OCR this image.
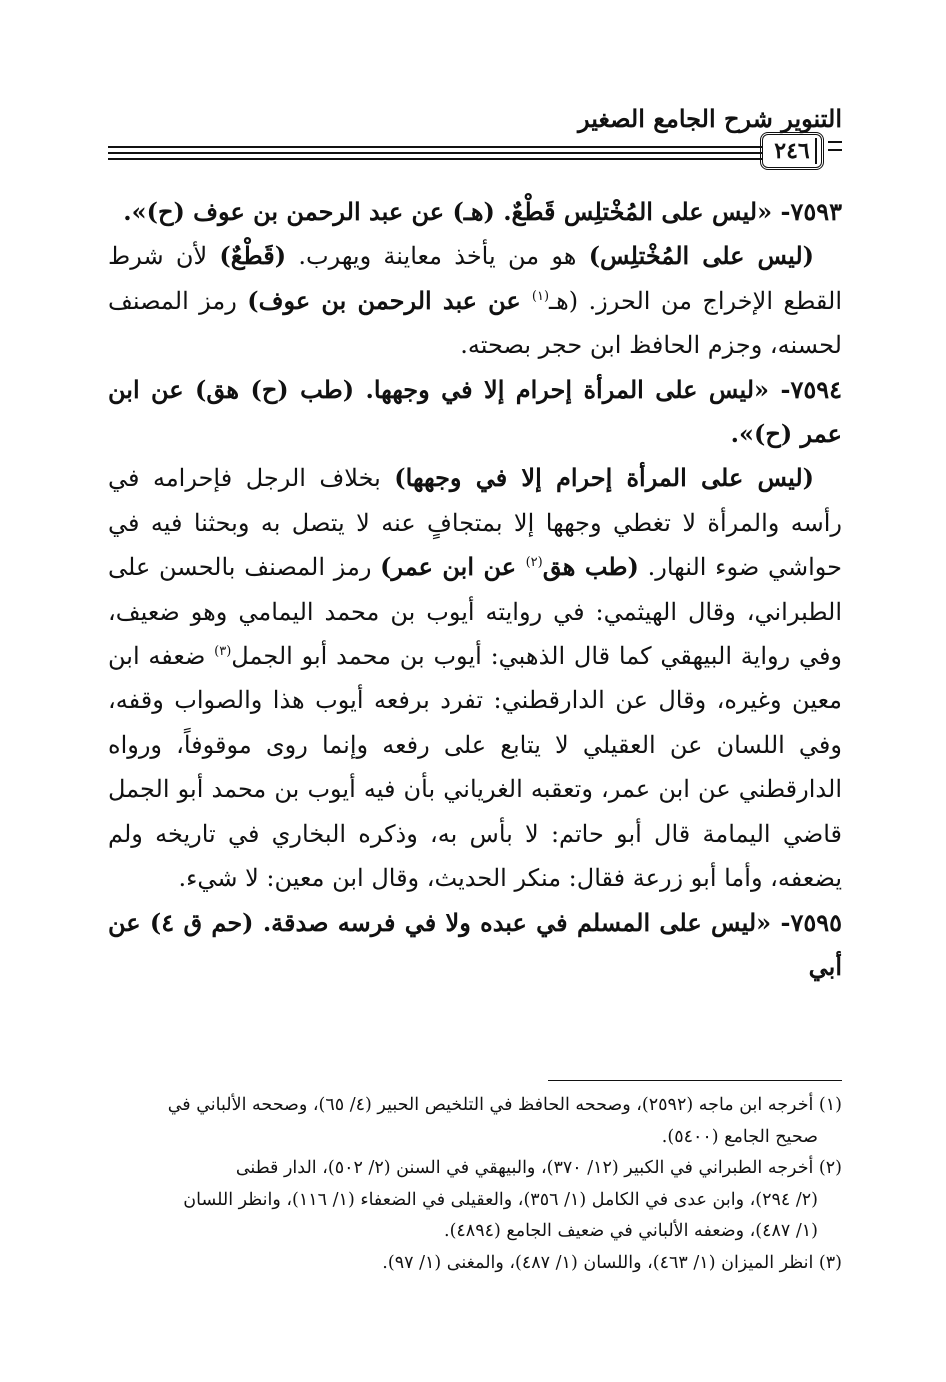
التنوير شرح الجامع الصغير
٢٤٦

٧٥٩٣- «ليس على المُخْتلِس قَطْعٌ. (هـ) عن عبد الرحمن بن عوف (ح)».

(ليس على المُخْتلِس) هو من يأخذ معاينة ويهرب. (قَطْعٌ) لأن شرط القطع الإخراج من الحرز. (هـ$^{(١)}$ عن عبد الرحمن بن عوف) رمز المصنف لحسنه، وجزم الحافظ ابن حجر بصحته.

٧٥٩٤- «ليس على المرأة إحرام إلا في وجهها. (طب (ح) هق) عن ابن عمر (ح)».

(ليس على المرأة إحرام إلا في وجهها) بخلاف الرجل فإحرامه في رأسه والمرأة لا تغطي وجهها إلا بمتجافٍ عنه لا يتصل به وبحثنا فيه في حواشي ضوء النهار. (طب هق$^{(٢)}$ عن ابن عمر) رمز المصنف بالحسن على الطبراني، وقال الهيثمي: في روايته أيوب بن محمد اليمامي وهو ضعيف، وفي رواية البيهقي كما قال الذهبي: أيوب بن محمد أبو الجمل$^{(٣)}$ ضعفه ابن معين وغيره، وقال عن الدارقطني: تفرد برفعه أيوب هذا والصواب وقفه، وفي اللسان عن العقيلي لا يتابع على رفعه وإنما روى موقوفاً، ورواه الدارقطني عن ابن عمر، وتعقبه الغرياني بأن فيه أيوب بن محمد أبو الجمل قاضي اليمامة قال أبو حاتم: لا بأس به، وذكره البخاري في تاريخه ولم يضعفه، وأما أبو زرعة فقال: منكر الحديث، وقال ابن معين: لا شيء.

٧٥٩٥- «ليس على المسلم في عبده ولا في فرسه صدقة. (حم ق ٤) عن أبي

(١) أخرجه ابن ماجه (٢٥٩٢)، وصححه الحافظ في التلخيص الحبير (٤/ ٦٥)، وصححه الألباني في

صحيح الجامع (٥٤٠٠).

(٢) أخرجه الطبراني في الكبير (١٢/ ٣٧٠)، والبيهقي في السنن (٢/ ٥٠٢)، الدار قطنى

(٢/ ٢٩٤)، وابن عدى في الكامل (١/ ٣٥٦)، والعقيلى في الضعفاء (١/ ١١٦)، وانظر اللسان

(١/ ٤٨٧)، وضعفه الألباني في ضعيف الجامع (٤٨٩٤).

(٣) انظر الميزان (١/ ٤٦٣)، واللسان (١/ ٤٨٧)، والمغنى (١/ ٩٧).
